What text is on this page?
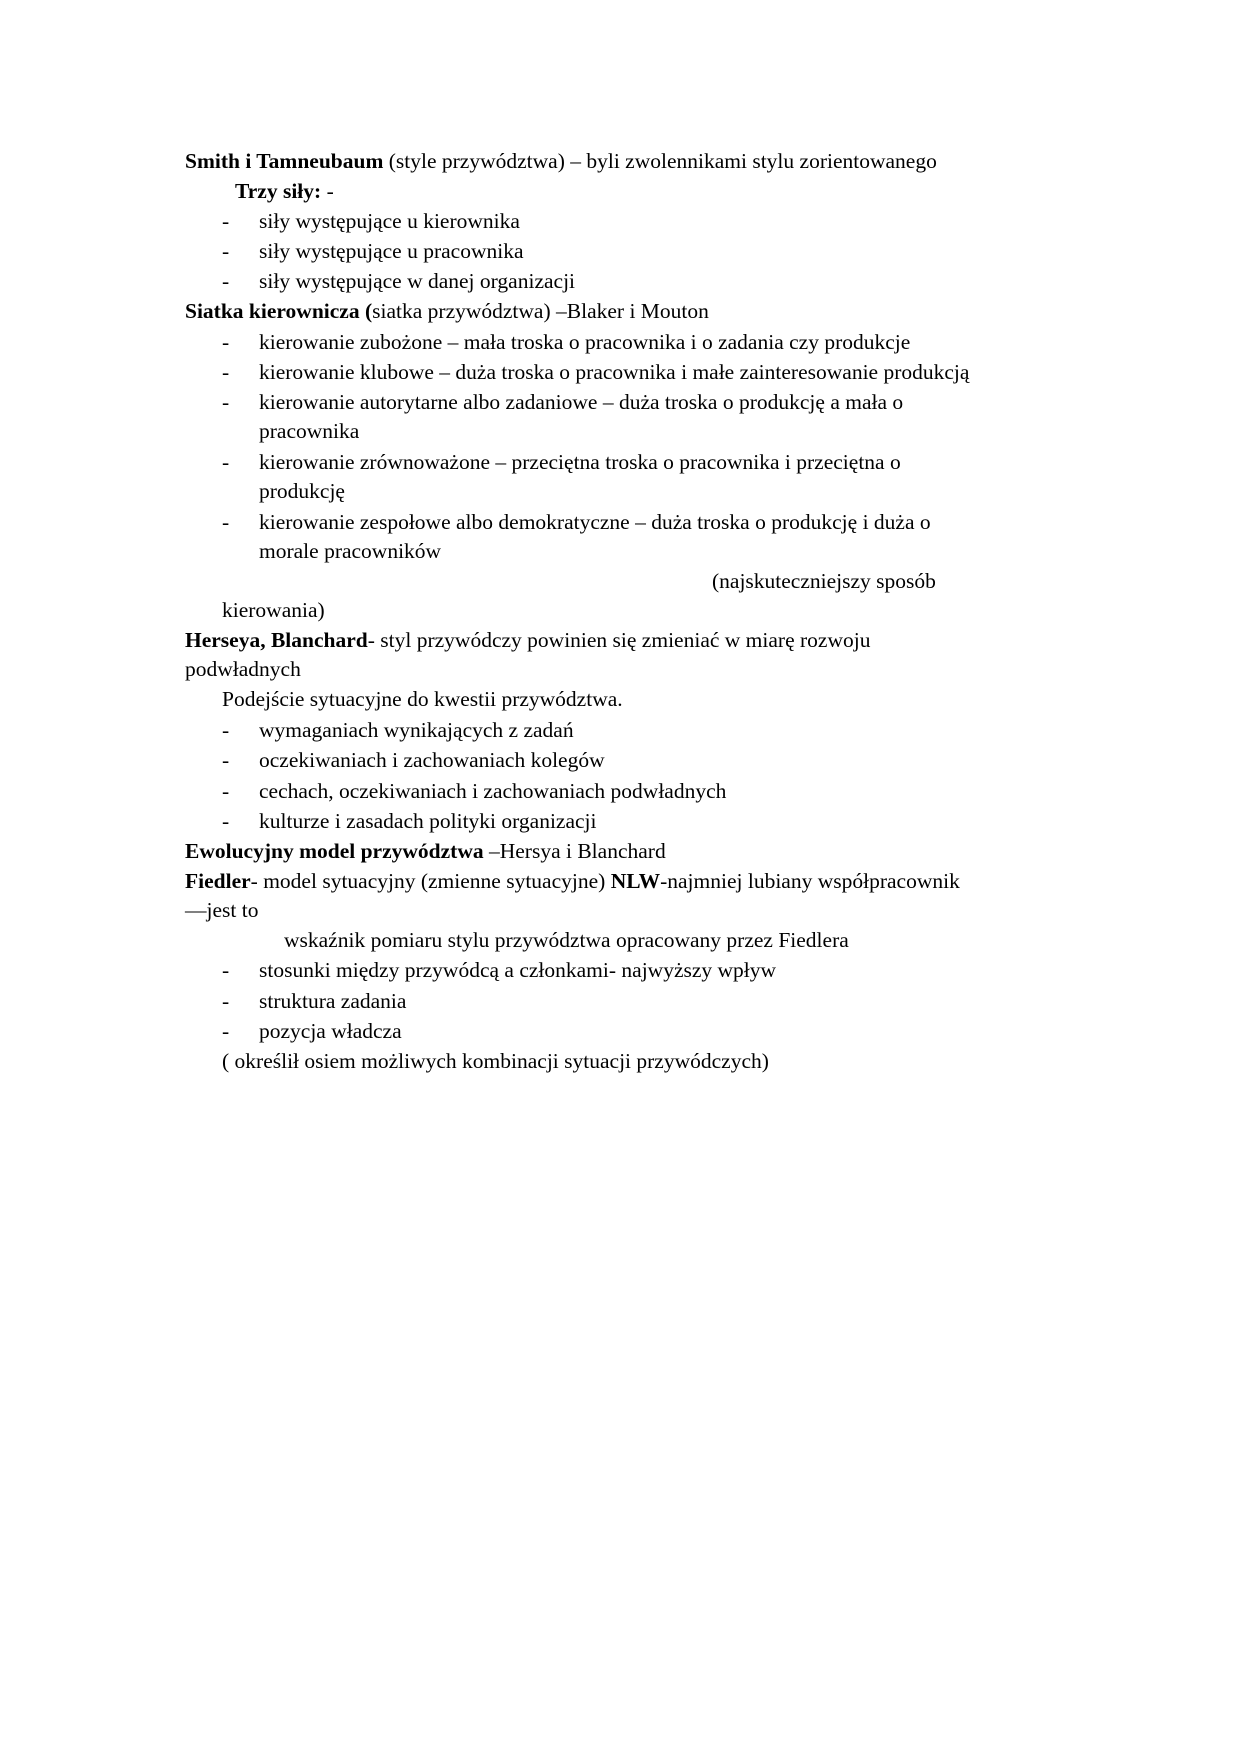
Smith i Tamneubaum (style przywództwa) – byli zwolennikami stylu zorientowanego
Trzy siły: -
- siły występujące u kierownika
- siły występujące u pracownika
- siły występujące w danej organizacji
Siatka kierownicza (siatka przywództwa) –Blaker i Mouton
- kierowanie zubożone – mała troska o pracownika i o zadania czy produkcje
- kierowanie klubowe – duża troska o pracownika i małe zainteresowanie produkcją
- kierowanie autorytarne albo zadaniowe – duża troska o produkcję a mała o
pracownika
- kierowanie zrównoważone – przeciętna troska o pracownika i przeciętna o
produkcję
- kierowanie zespołowe albo demokratyczne – duża troska o produkcję i duża o
morale pracowników
(najskuteczniejszy sposób
kierowania)
Herseya, Blanchard- styl przywódczy powinien się zmieniać w miarę rozwoju
podwładnych
Podejście sytuacyjne do kwestii przywództwa.
- wymaganiach wynikających z zadań
- oczekiwaniach i zachowaniach kolegów
- cechach, oczekiwaniach i zachowaniach podwładnych
- kulturze i zasadach polityki organizacji
Ewolucyjny model przywództwa –Hersya i Blanchard
Fiedler- model sytuacyjny (zmienne sytuacyjne) NLW-najmniej lubiany współpracownik
—jest to
wskaźnik pomiaru stylu przywództwa opracowany przez Fiedlera
- stosunki między przywódcą a członkami- najwyższy wpływ
- struktura zadania
- pozycja władcza
( określił osiem możliwych kombinacji sytuacji przywódczych)
